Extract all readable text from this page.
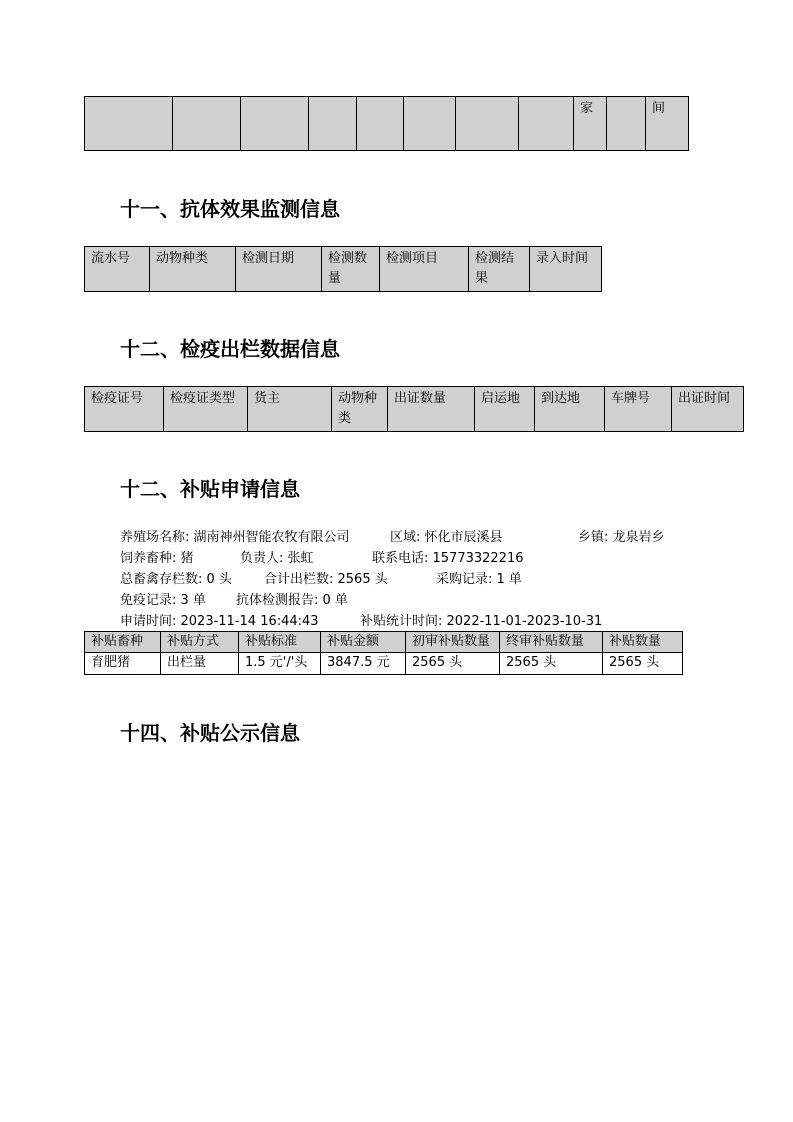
								家		间
十一、抗体效果监测信息
流水号	动物种类	检测日期	检测数量	检测项目	检测结果	录入时间
十二、检疫出栏数据信息
检疫证号	检疫证类型	货主	动物种类	出证数量	启运地	到达地	车牌号	出证时间
十二、补贴申请信息
养殖场名称: 湖南神州智能农牧有限公司	区域: 怀化市辰溪县	乡镇: 龙泉岩乡
饲养畜种: 猪	负责人: 张虹	联系电话: 15773322216
总畜禽存栏数: 0 头 合计出栏数: 2565 头	采购记录: 1 单
免疫记录: 3 单 抗体检测报告: 0 单
申请时间: 2023-11-14 16:44:43	补贴统计时间: 2022-11-01-2023-10-31
补贴畜种	补贴方式	补贴标准	补贴金额	初审补贴数量	终审补贴数量	补贴数量
育肥猪	出栏量	1.5 元'/'头	3847.5 元	2565 头	2565 头	2565 头
十四、补贴公示信息
